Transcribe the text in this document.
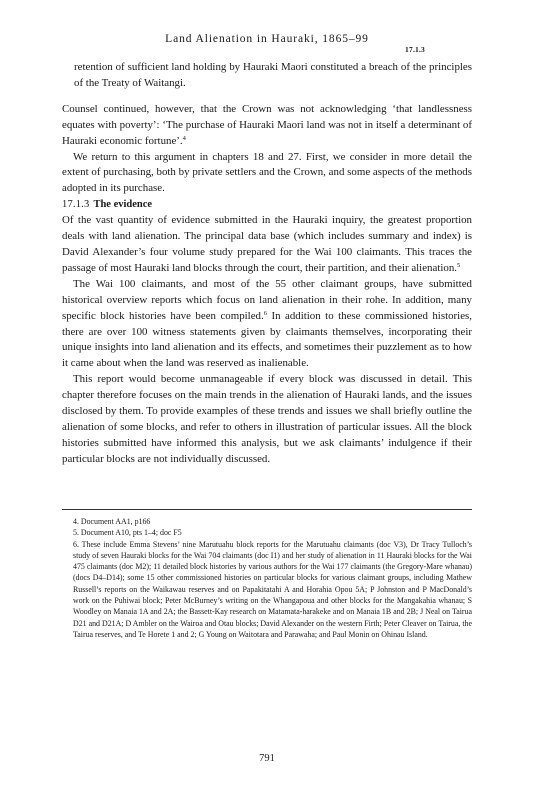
Land Alienation in Hauraki, 1865–99
17.1.3

retention of sufficient land holding by Hauraki Maori constituted a breach of the principles of the Treaty of Waitangi.

Counsel continued, however, that the Crown was not acknowledging ‘that landlessness equates with poverty’: ‘The purchase of Hauraki Maori land was not in itself a determinant of Hauraki economic fortune’.$^4$

We return to this argument in chapters 18 and 27. First, we consider in more detail the extent of purchasing, both by private settlers and the Crown, and some aspects of the methods adopted in its purchase.

17.1.3 The evidence

Of the vast quantity of evidence submitted in the Hauraki inquiry, the greatest proportion deals with land alienation. The principal data base (which includes summary and index) is David Alexander’s four volume study prepared for the Wai 100 claimants. This traces the passage of most Hauraki land blocks through the court, their partition, and their alienation.$^5$

The Wai 100 claimants, and most of the 55 other claimant groups, have submitted historical overview reports which focus on land alienation in their rohe. In addition, many specific block histories have been compiled.$^6$ In addition to these commissioned histories, there are over 100 witness statements given by claimants themselves, incorporating their unique insights into land alienation and its effects, and sometimes their puzzlement as to how it came about when the land was reserved as inalienable.

This report would become unmanageable if every block was discussed in detail. This chapter therefore focuses on the main trends in the alienation of Hauraki lands, and the issues disclosed by them. To provide examples of these trends and issues we shall briefly outline the alienation of some blocks, and refer to others in illustration of particular issues. All the block histories submitted have informed this analysis, but we ask claimants’ indulgence if their particular blocks are not individually discussed.

4. Document AA1, p166

5. Document A10, pts 1–4; doc F5

6. These include Emma Stevens’ nine Marutuahu block reports for the Marutuahu claimants (doc V3), Dr Tracy Tulloch’s study of seven Hauraki blocks for the Wai 704 claimants (doc I1) and her study of alienation in 11 Hauraki blocks for the Wai 475 claimants (doc M2); 11 detailed block histories by various authors for the Wai 177 claimants (the Gregory-Mare whanau) (docs D4–D14); some 15 other commissioned histories on particular blocks for various claimant groups, including Mathew Russell’s reports on the Waikawau reserves and on Papakitatahi A and Horahia Opou 5A; P Johnston and P MacDonald’s work on the Puhiwai block; Peter McBurney’s writing on the Whangapoua and other blocks for the Mangakahia whanau; S Woodley on Manaia 1A and 2A; the Bassett-Kay research on Matamata-harakeke and on Manaia 1B and 2B; J Neal on Tairua D21 and D21A; D Ambler on the Wairoa and Otau blocks; David Alexander on the western Firth; Peter Cleaver on Tairua, the Tairua reserves, and Te Horete 1 and 2; G Young on Waitotara and Parawaha; and Paul Monin on Ohinau Island.

791
